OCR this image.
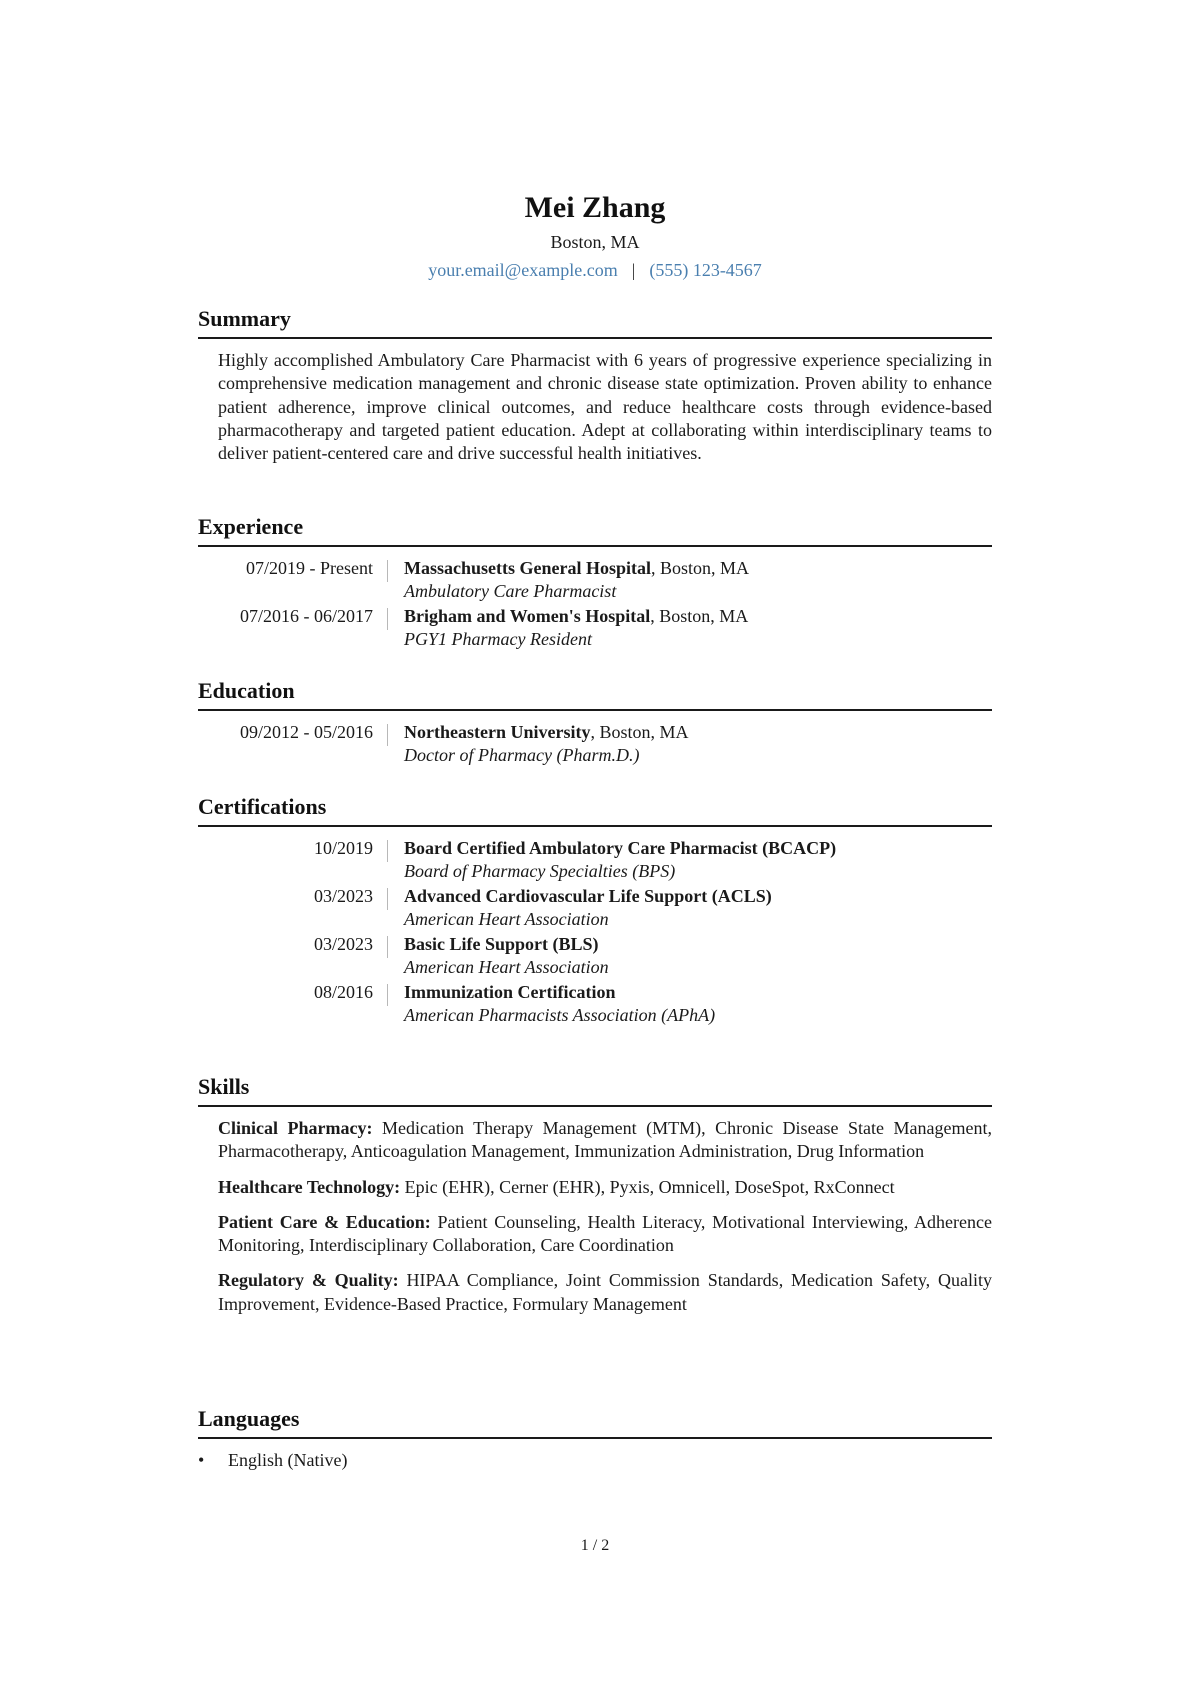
Mei Zhang
Boston, MA
your.email@example.com | (555) 123-4567
Summary
Highly accomplished Ambulatory Care Pharmacist with 6 years of progressive experience specializing in comprehensive medication management and chronic disease state optimization. Proven ability to enhance patient adherence, improve clinical outcomes, and reduce healthcare costs through evidence-based pharmacotherapy and targeted patient education. Adept at collaborating within interdisciplinary teams to deliver patient-centered care and drive successful health initiatives.
Experience
07/2019 - Present	Massachusetts General Hospital, Boston, MA
Ambulatory Care Pharmacist
07/2016 - 06/2017	Brigham and Women's Hospital, Boston, MA
PGY1 Pharmacy Resident
Education
09/2012 - 05/2016	Northeastern University, Boston, MA
Doctor of Pharmacy (Pharm.D.)
Certifications
10/2019	Board Certified Ambulatory Care Pharmacist (BCACP)
Board of Pharmacy Specialties (BPS)
03/2023	Advanced Cardiovascular Life Support (ACLS)
American Heart Association
03/2023	Basic Life Support (BLS)
American Heart Association
08/2016	Immunization Certification
American Pharmacists Association (APhA)
Skills
Clinical Pharmacy: Medication Therapy Management (MTM), Chronic Disease State Management, Pharmacotherapy, Anticoagulation Management, Immunization Administration, Drug Information
Healthcare Technology: Epic (EHR), Cerner (EHR), Pyxis, Omnicell, DoseSpot, RxConnect
Patient Care & Education: Patient Counseling, Health Literacy, Motivational Interviewing, Adherence Monitoring, Interdisciplinary Collaboration, Care Coordination
Regulatory & Quality: HIPAA Compliance, Joint Commission Standards, Medication Safety, Quality Improvement, Evidence-Based Practice, Formulary Management
Languages
• English (Native)
1 / 2
